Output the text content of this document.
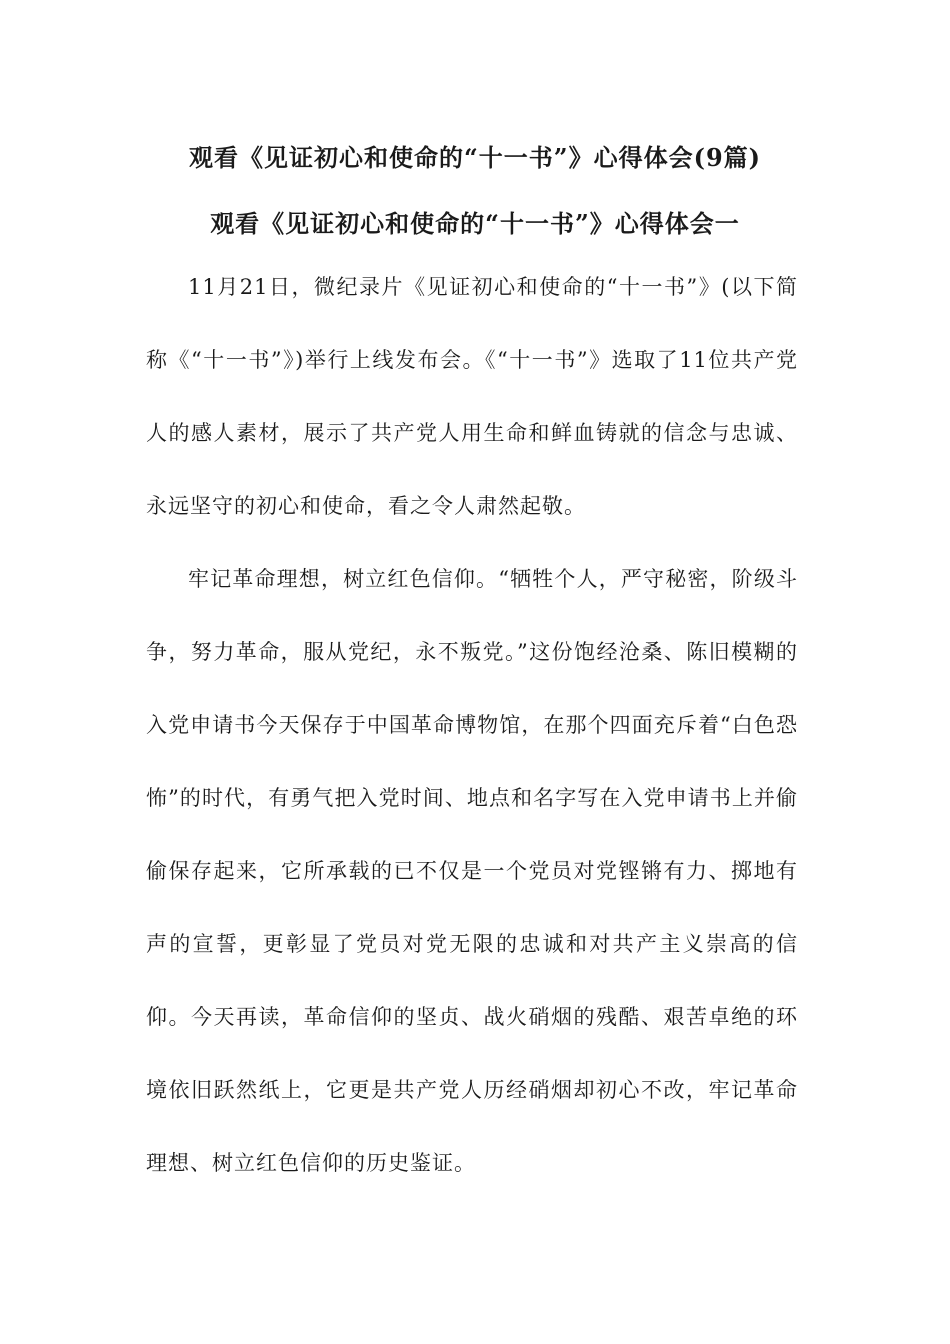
观看《见证初心和使命的“十一书”》心得体会(9篇)
观看《见证初心和使命的“十一书”》心得体会一

11月21日，微纪录片《见证初心和使命的“十一书”》(以下简称《“十一书”》)举行上线发布会。《“十一书”》选取了11位共产党人的感人素材，展示了共产党人用生命和鲜血铸就的信念与忠诚、永远坚守的初心和使命，看之令人肃然起敬。

牢记革命理想，树立红色信仰。“牺牲个人，严守秘密，阶级斗争，努力革命，服从党纪，永不叛党。”这份饱经沧桑、陈旧模糊的入党申请书今天保存于中国革命博物馆，在那个四面充斥着“白色恐怖”的时代，有勇气把入党时间、地点和名字写在入党申请书上并偷偷保存起来，它所承载的已不仅是一个党员对党铿锵有力、掷地有声的宣誓，更彰显了党员对党无限的忠诚和对共产主义崇高的信仰。今天再读，革命信仰的坚贞、战火硝烟的残酷、艰苦卓绝的环境依旧跃然纸上，它更是共产党人历经硝烟却初心不改，牢记革命理想、树立红色信仰的历史鉴证。
